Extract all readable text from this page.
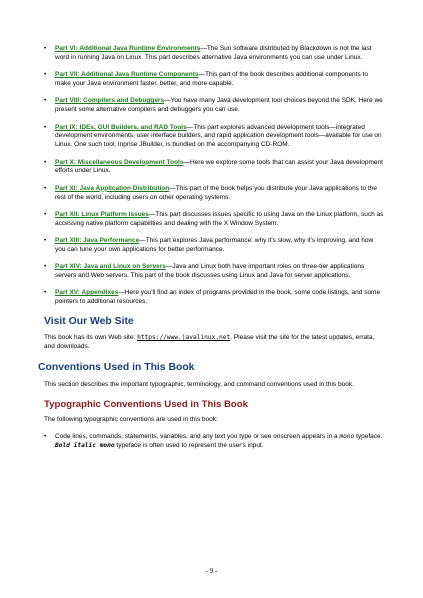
• Part VI: Additional Java Runtime Environments—The Sun software distributed by Blackdown is not the last word in running Java on Linux. This part describes alternative Java environments you can use under Linux.
• Part VII: Additional Java Runtime Components—This part of the book describes additional components to make your Java environment faster, better, and more capable.
• Part VIII: Compilers and Debuggers—You have many Java development tool choices beyond the SDK. Here we present some alternative compilers and debuggers you can use.
• Part IX: IDEs, GUI Builders, and RAD Tools—This part explores advanced development tools—integrated development environments, user interface builders, and rapid application development tools—available for use on Linux. One such tool, Inprise JBuilder, is bundled on the accompanying CD-ROM.
• Part X: Miscellaneous Development Tools—Here we explore some tools that can assist your Java development efforts under Linux.
• Part XI: Java Application Distribution—This part of the book helps you distribute your Java applications to the rest of the world, including users on other operating systems.
• Part XII: Linux Platform Issues—This part discusses issues specific to using Java on the Linux platform, such as accessing native platform capabilities and dealing with the X Window System.
• Part XIII: Java Performance—This part explores Java performance: why it's slow, why it's improving, and how you can tune your own applications for better performance.
• Part XIV: Java and Linux on Servers—Java and Linux both have important roles on three-tier applications servers and Web servers. This part of the book discusses using Linux and Java for server applications.
• Part XV: Appendixes—Here you'll find an index of programs provided in the book, some code listings, and some pointers to additional resources.
Visit Our Web Site

This book has its own Web site: https://www.javalinux.net. Please visit the site for the latest updates, errata, and downloads.

Conventions Used in This Book

This section describes the important typographic, terminology, and command conventions used in this book.

Typographic Conventions Used in This Book

The following typographic conventions are used in this book:

• Code lines, commands, statements, variables, and any text you type or see onscreen appears in a mono typeface. Bold italic mono typeface is often used to represent the user's input.
- 9 -
